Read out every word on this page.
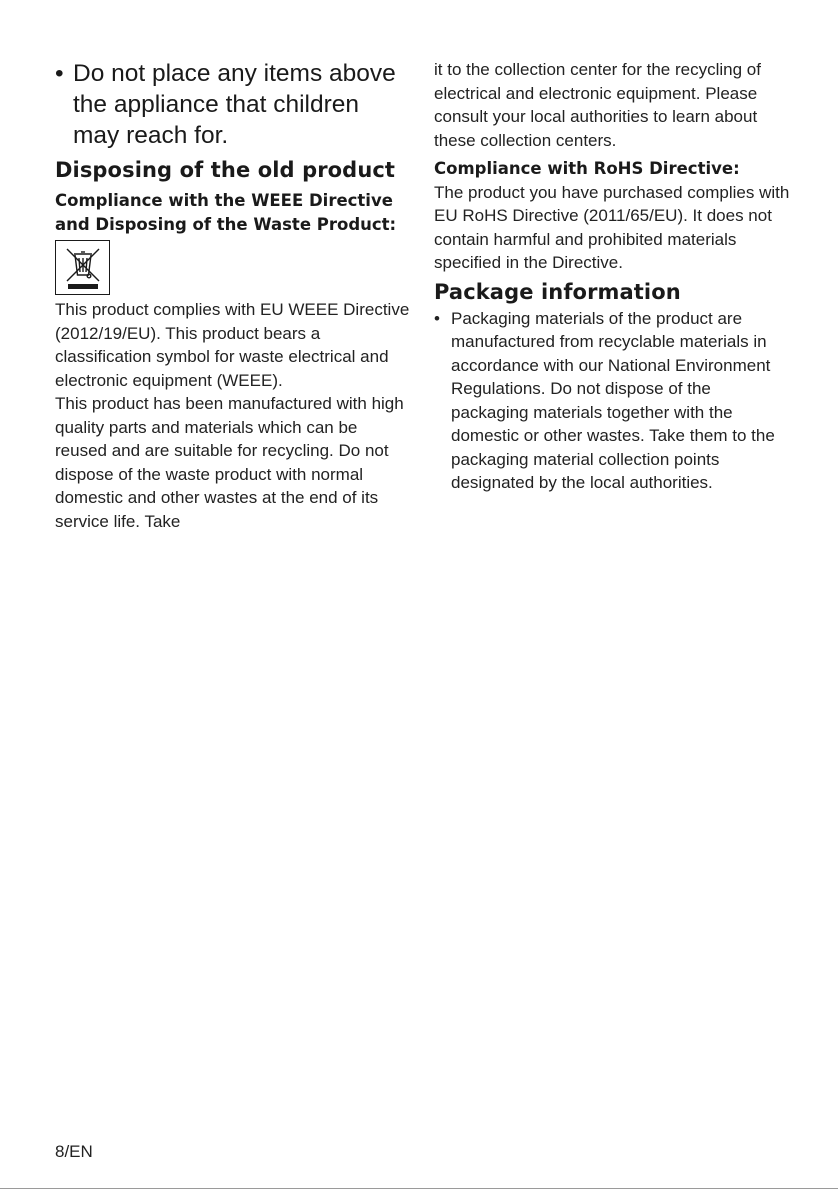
• Do not place any items above the appliance that children may reach for.
Disposing of the old product
Compliance with the WEEE Directive and Disposing of the Waste Product:

This product complies with EU WEEE Directive (2012/19/EU). This product bears a classification symbol for waste electrical and electronic equipment (WEEE).

This product has been manufactured with high quality parts and materials which can be reused and are suitable for recycling. Do not dispose of the waste product with normal domestic and other wastes at the end of its service life. Take

it to the collection center for the recycling of electrical and electronic equipment. Please consult your local authorities to learn about these collection centers.

Compliance with RoHS Directive:

The product you have purchased complies with EU RoHS Directive (2011/65/EU). It does not contain harmful and prohibited materials specified in the Directive.

Package information
• Packaging materials of the product are manufactured from recyclable materials in accordance with our National Environment Regulations. Do not dispose of the packaging materials together with the domestic or other wastes. Take them to the packaging material collection points designated by the local authorities.
8/EN
